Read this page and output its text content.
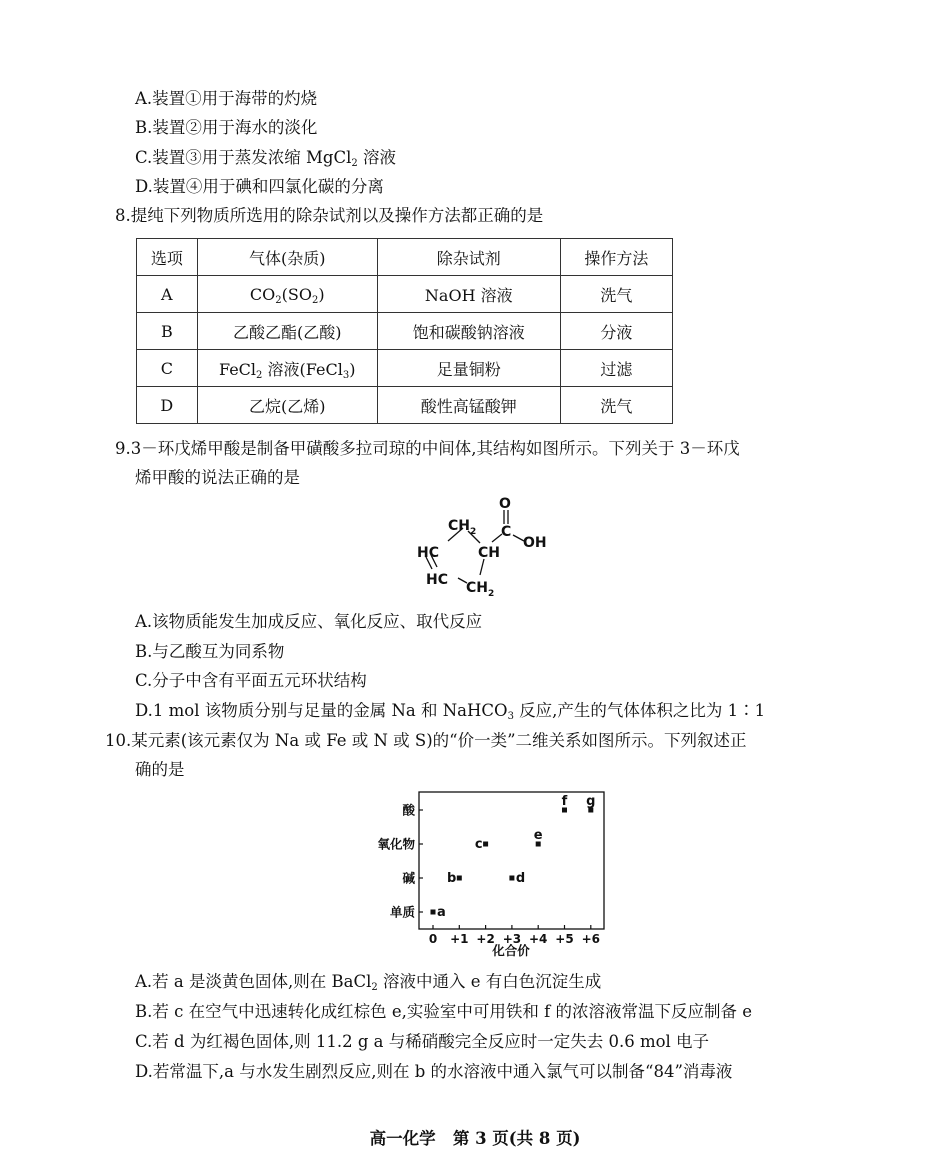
A.装置①用于海带的灼烧
B.装置②用于海水的淡化
C.装置③用于蒸发浓缩 MgCl$_2$ 溶液
D.装置④用于碘和四氯化碳的分离
8.提纯下列物质所选用的除杂试剂以及操作方法都正确的是
选项	气体(杂质)	除杂试剂	操作方法
A	$CO_2(SO_2)$	NaOH 溶液	洗气
B	乙酸乙酯(乙酸)	饱和碳酸钠溶液	分液
C	FeCl$_2$ 溶液(FeCl$_3$)	足量铜粉	过滤
D	乙烷(乙烯)	酸性高锰酸钾	洗气
9.3－环戊烯甲酸是制备甲磺酸多拉司琼的中间体,其结构如图所示。下列关于 3－环戊
烯甲酸的说法正确的是
O
C
OH
$CH_2$
CH
HC
HC $CH_2$
A.该物质能发生加成反应、氧化反应、取代反应
B.与乙酸互为同系物
C.分子中含有平面五元环状结构
D.1 mol 该物质分别与足量的金属 Na 和 NaHCO$_3$ 反应,产生的气体体积之比为 1∶1
10.某元素(该元素仅为 Na 或 Fe 或 N 或 S)的“价一类”二维关系如图所示。下列叙述正
确的是
单质
碱
氧化物
酸
0 +1 +2 +3 +4 +5 +6
a
b
c
d
e
f g
化合价
A.若 a 是淡黄色固体,则在 BaCl$_2$ 溶液中通入 e 有白色沉淀生成
B.若 c 在空气中迅速转化成红棕色 e,实验室中可用铁和 f 的浓溶液常温下反应制备 e
C.若 d 为红褐色固体,则 11.2 g a 与稀硝酸完全反应时一定失去 0.6 mol 电子
D.若常温下,a 与水发生剧烈反应,则在 b 的水溶液中通入氯气可以制备“84”消毒液
高一化学 第 3 页(共 8 页)
